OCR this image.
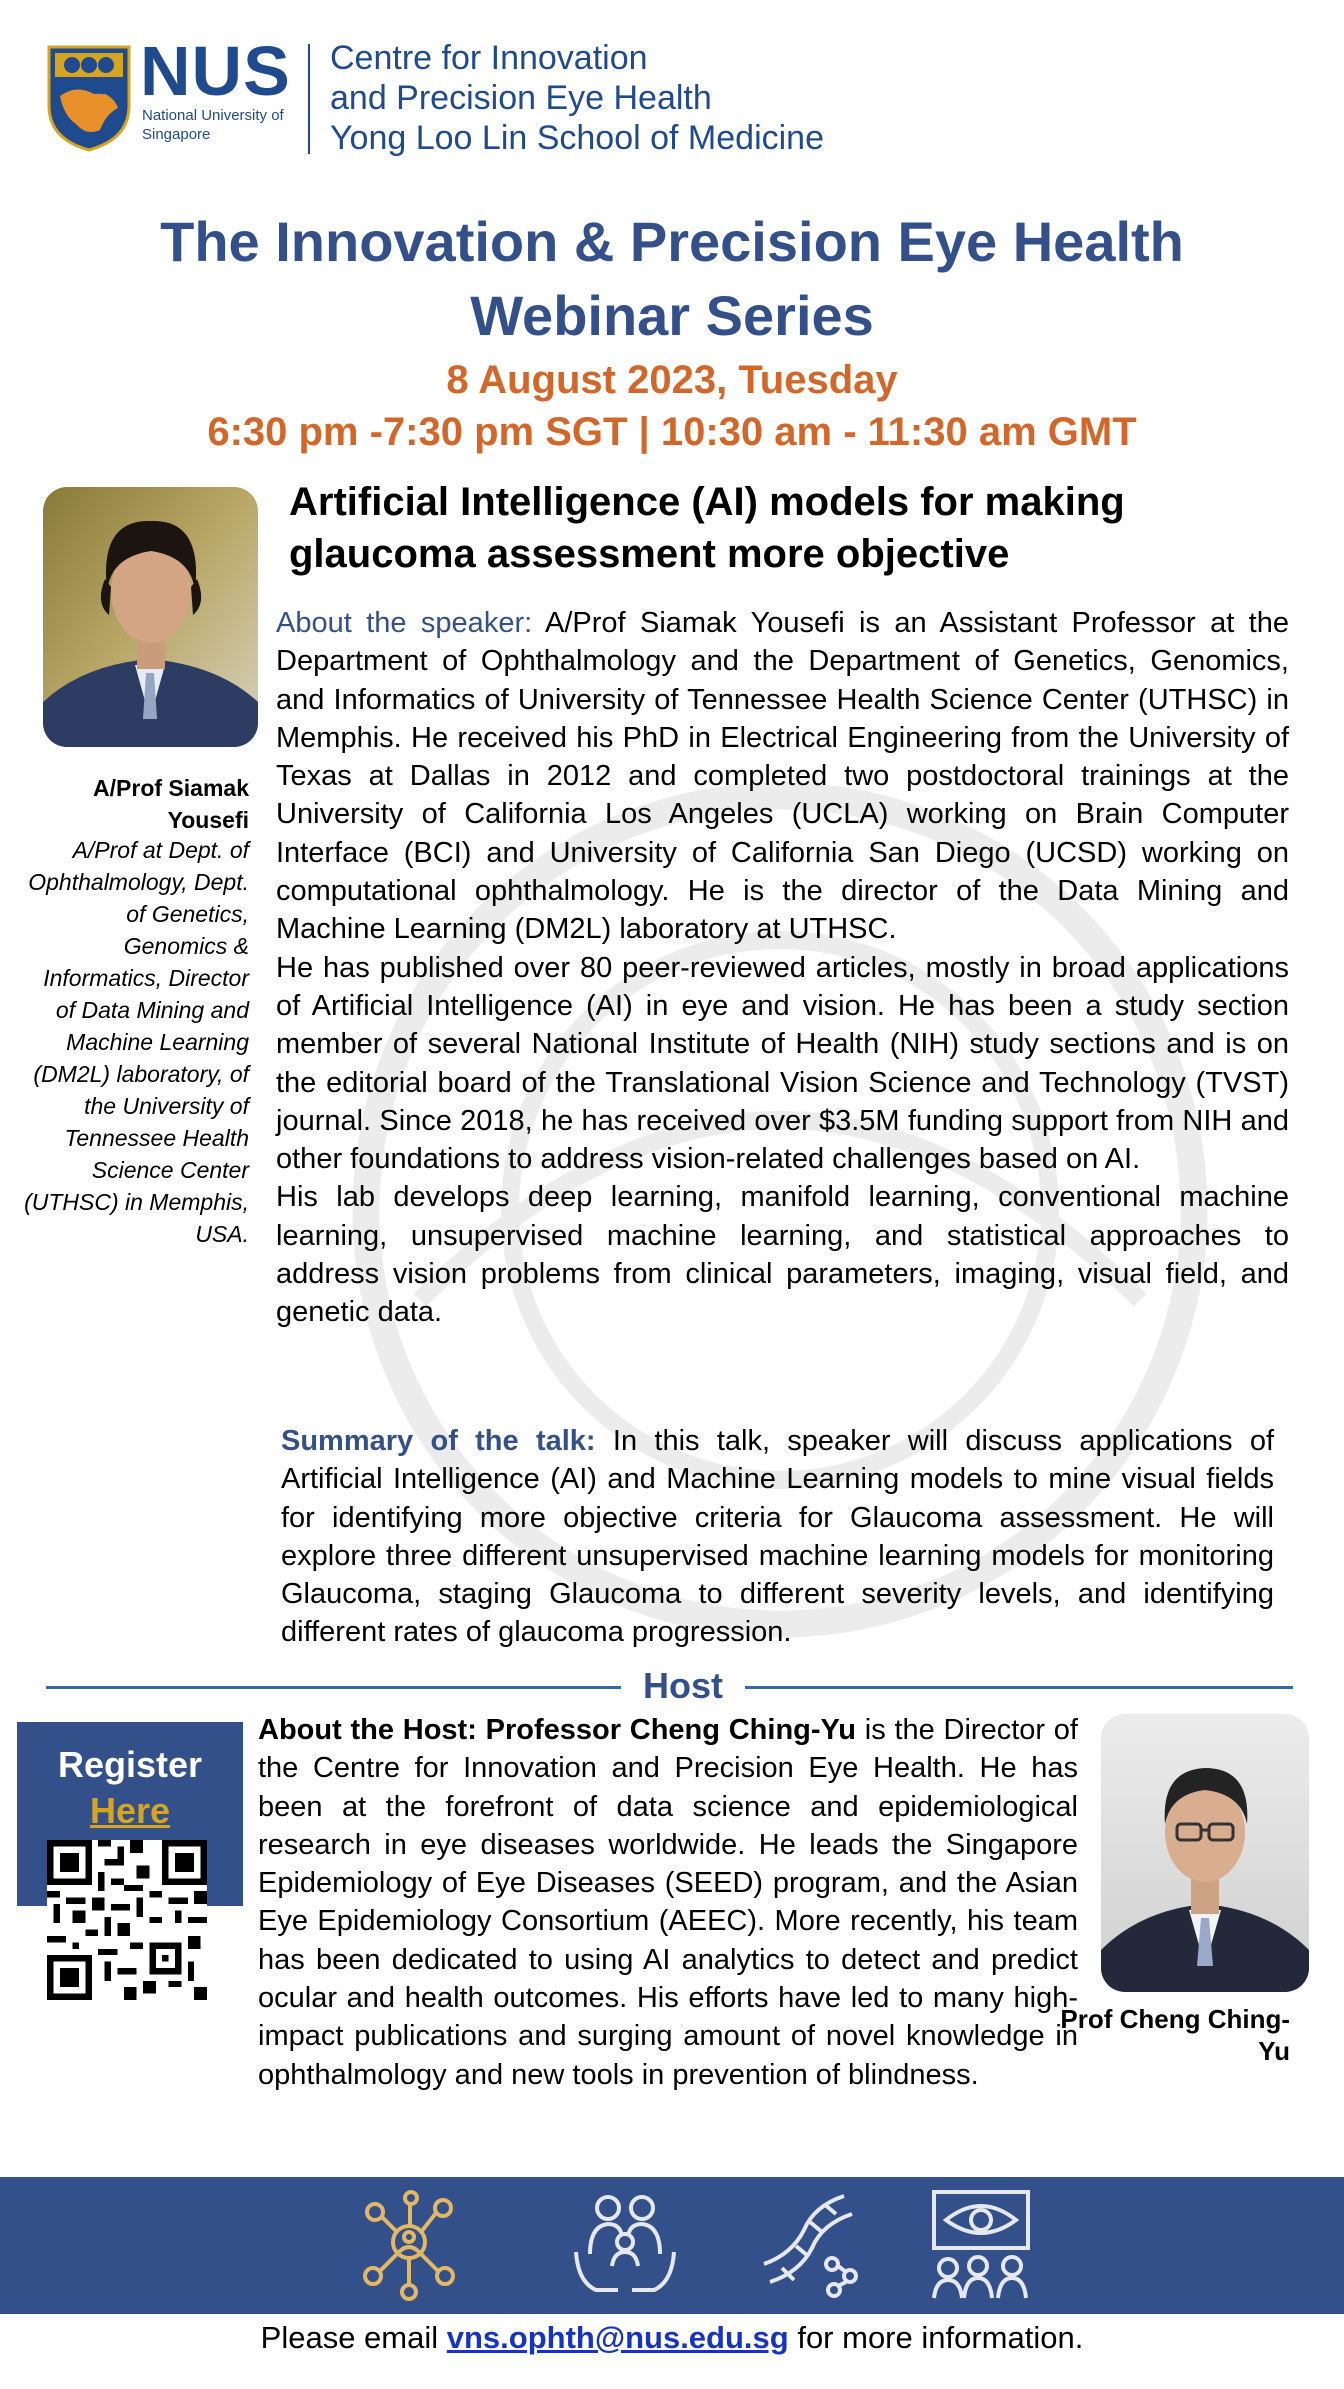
NUS
National University of Singapore
Centre for Innovation
and Precision Eye Health
Yong Loo Lin School of Medicine
The Innovation & Precision Eye Health
Webinar Series
8 August 2023, Tuesday
6:30 pm -7:30 pm SGT | 10:30 am - 11:30 am GMT
A/Prof Siamak Yousefi
A/Prof at Dept. of Ophthalmology, Dept. of Genetics, Genomics & Informatics, Director of Data Mining and Machine Learning (DM2L) laboratory, of the University of Tennessee Health Science Center (UTHSC) in Memphis, USA.
Artificial Intelligence (AI) models for making
glaucoma assessment more objective

About the speaker: A/Prof Siamak Yousefi is an Assistant Professor at the Department of Ophthalmology and the Department of Genetics, Genomics, and Informatics of University of Tennessee Health Science Center (UTHSC) in Memphis. He received his PhD in Electrical Engineering from the University of Texas at Dallas in 2012 and completed two postdoctoral trainings at the University of California Los Angeles (UCLA) working on Brain Computer Interface (BCI) and University of California San Diego (UCSD) working on computational ophthalmology. He is the director of the Data Mining and Machine Learning (DM2L) laboratory at UTHSC.

He has published over 80 peer-reviewed articles, mostly in broad applications of Artificial Intelligence (AI) in eye and vision. He has been a study section member of several National Institute of Health (NIH) study sections and is on the editorial board of the Translational Vision Science and Technology (TVST) journal. Since 2018, he has received over $3.5M funding support from NIH and other foundations to address vision-related challenges based on AI.

His lab develops deep learning, manifold learning, conventional machine learning, unsupervised machine learning, and statistical approaches to address vision problems from clinical parameters, imaging, visual field, and genetic data.

Summary of the talk: In this talk, speaker will discuss applications of Artificial Intelligence (AI) and Machine Learning models to mine visual fields for identifying more objective criteria for Glaucoma assessment. He will explore three different unsupervised machine learning models for monitoring Glaucoma, staging Glaucoma to different severity levels, and identifying different rates of glaucoma progression.
Host
Register
Here
About the Host: Professor Cheng Ching-Yu is the Director of the Centre for Innovation and Precision Eye Health. He has been at the forefront of data science and epidemiological research in eye diseases worldwide. He leads the Singapore Epidemiology of Eye Diseases (SEED) program, and the Asian Eye Epidemiology Consortium (AEEC). More recently, his team has been dedicated to using AI analytics to detect and predict ocular and health outcomes. His efforts have led to many high-impact publications and surging amount of novel knowledge in ophthalmology and new tools in prevention of blindness.
Prof Cheng Ching-Yu
Please email vns.ophth@nus.edu.sg for more information.
